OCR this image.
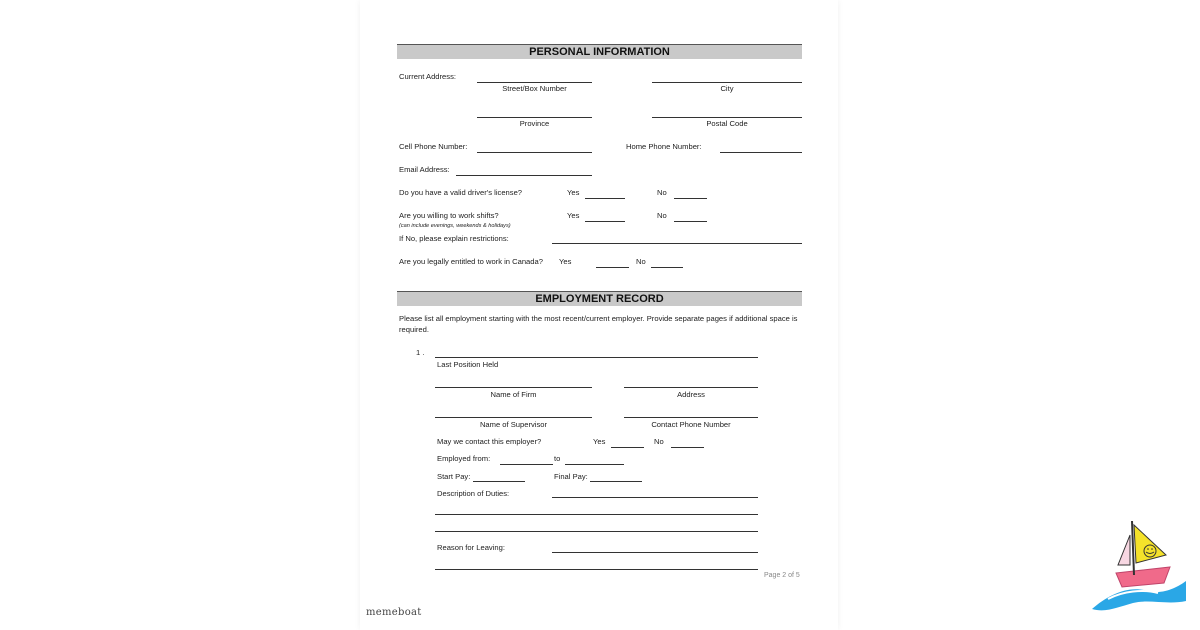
PERSONAL INFORMATION
Current Address:
Street/Box Number	City
Province	Postal Code
Cell Phone Number:	Home Phone Number:
Email Address:
Do you have a valid driver's license?	Yes	No
Are you willing to work shifts?
(can include evenings, weekends & holidays)
Yes	No
If No, please explain restrictions:
Are you legally entitled to work in Canada? Yes	No
EMPLOYMENT RECORD
Please list all employment starting with the most recent/current employer. Provide separate pages if additional space is required.
1 .
Last Position Held
Name of Firm	Address
Name of Supervisor	Contact Phone Number
May we contact this employer?	Yes	No
Employed from:	to
Start Pay:	Final Pay:
Description of Duties:
Reason for Leaving:
Page 2 of 5
memeboat
